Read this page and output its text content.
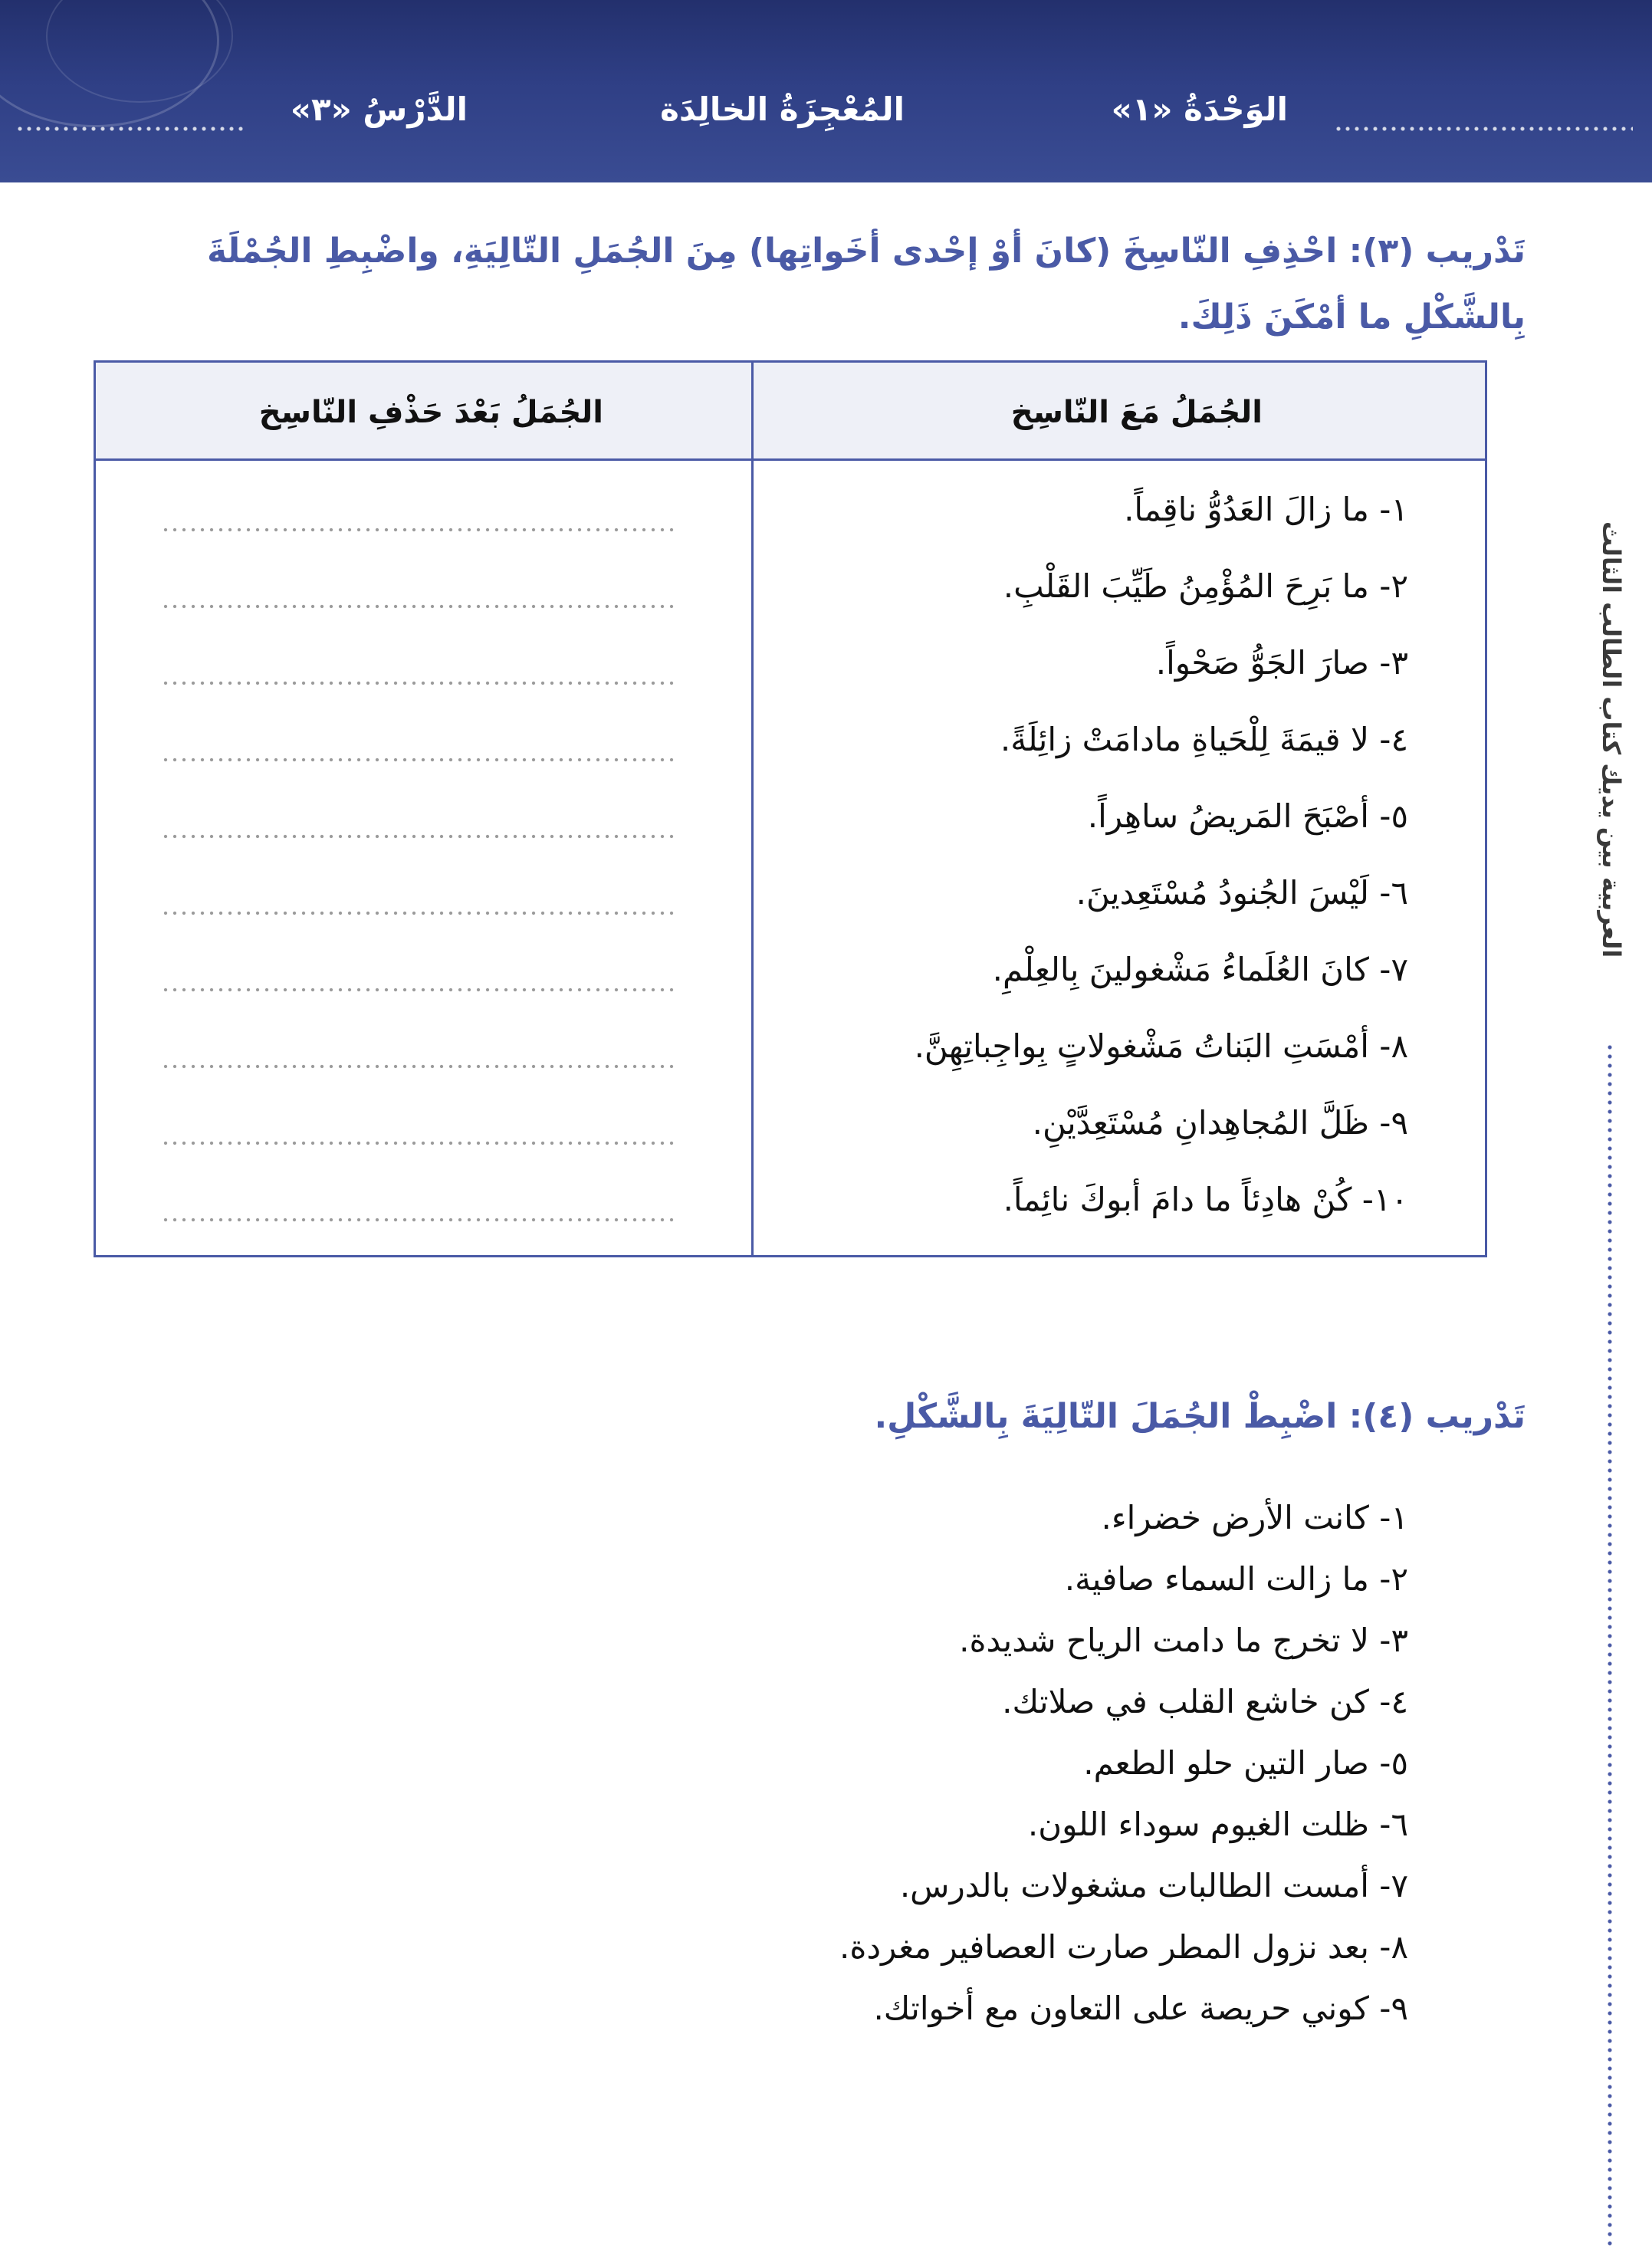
الوَحْدَةُ «١»
المُعْجِزَةُ الخالِدَة
الدَّرْسُ «٣»
العربية بين يديك كتاب الطالب الثالث
تَدْريب (٣): احْذِفِ النّاسِخَ (كانَ أوْ إحْدى أخَواتِها) مِنَ الجُمَلِ التّالِيَةِ، واضْبِطِ الجُمْلَةَ
بِالشَّكْلِ ما أمْكَنَ ذَلِكَ.
الجُمَلُ مَعَ النّاسِخ
الجُمَلُ بَعْدَ حَذْفِ النّاسِخ
١- ما زالَ العَدُوُّ ناقِماً.
٢- ما بَرِحَ المُؤْمِنُ طَيِّبَ القَلْبِ.
٣- صارَ الجَوُّ صَحْواً.
٤- لا قيمَةَ لِلْحَياةِ مادامَتْ زائِلَةً.
٥- أصْبَحَ المَريضُ ساهِراً.
٦- لَيْسَ الجُنودُ مُسْتَعِدينَ.
٧- كانَ العُلَماءُ مَشْغولينَ بِالعِلْمِ.
٨- أمْسَتِ البَناتُ مَشْغولاتٍ بِواجِباتِهِنَّ.
٩- ظَلَّ المُجاهِدانِ مُسْتَعِدَّيْنِ.
١٠- كُنْ هادِئاً ما دامَ أبوكَ نائِماً.
تَدْريب (٤): اضْبِطْ الجُمَلَ التّالِيَةَ بِالشَّكْلِ.
١- كانت الأرض خضراء.
٢- ما زالت السماء صافية.
٣- لا تخرج ما دامت الرياح شديدة.
٤- كن خاشع القلب في صلاتك.
٥- صار التين حلو الطعم.
٦- ظلت الغيوم سوداء اللون.
٧- أمست الطالبات مشغولات بالدرس.
٨- بعد نزول المطر صارت العصافير مغردة.
٩- كوني حريصة على التعاون مع أخواتك.
